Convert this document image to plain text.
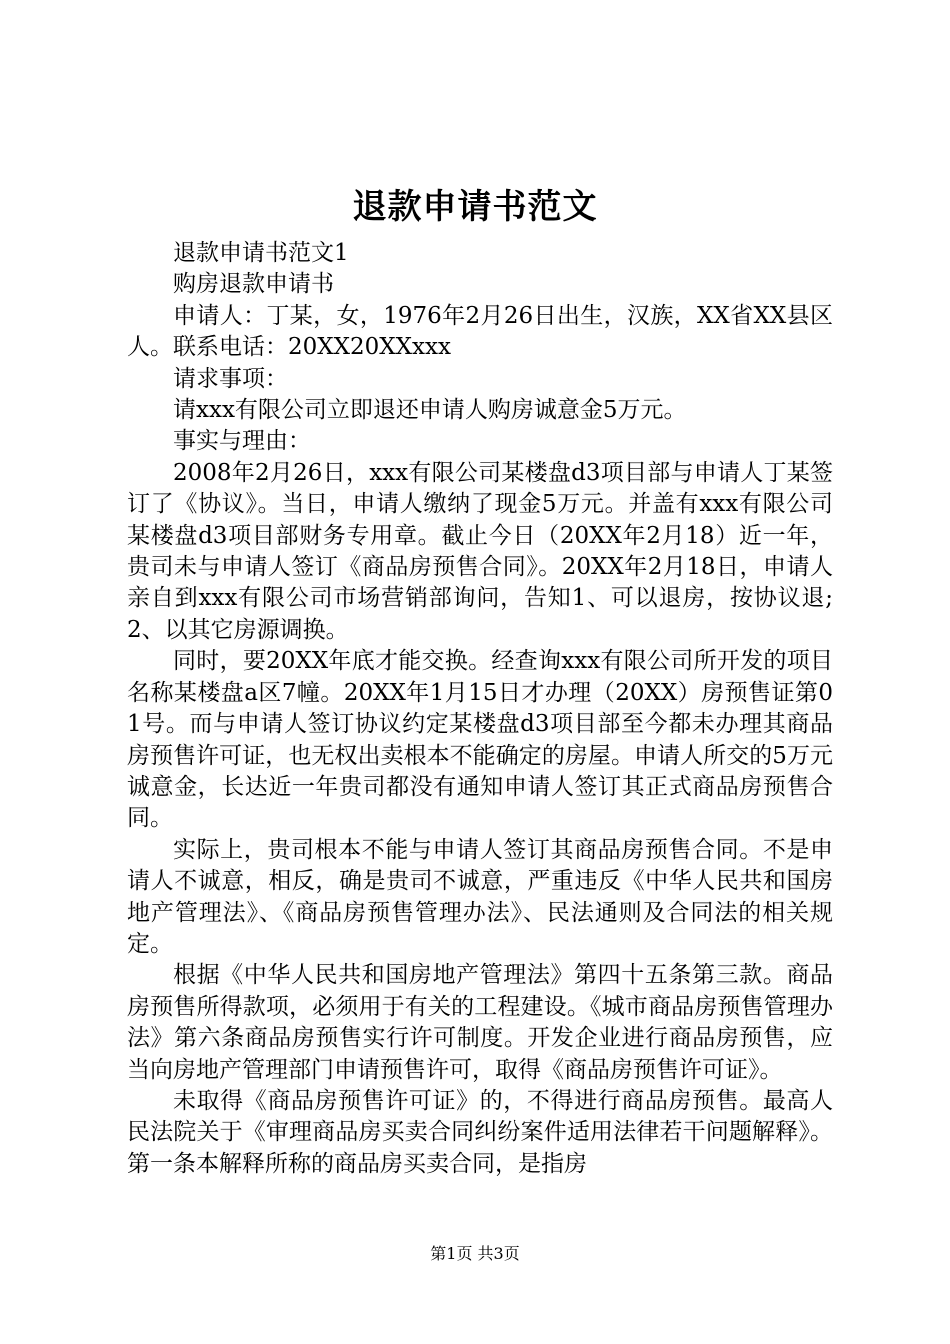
退款申请书范文

退款申请书范文1

购房退款申请书

申请人：丁某，女，1976年2月26日出生，汉族，XX省XX县区人。联系电话：20XX20XXxxx

请求事项：

请xxx有限公司立即退还申请人购房诚意金5万元。

事实与理由：

2008年2月26日，xxx有限公司某楼盘d3项目部与申请人丁某签订了《协议》。当日，申请人缴纳了现金5万元。并盖有xxx有限公司某楼盘d3项目部财务专用章。截止今日（20XX年2月18）近一年，贵司未与申请人签订《商品房预售合同》。20XX年2月18日，申请人亲自到xxx有限公司市场营销部询问，告知1、可以退房，按协议退;2、以其它房源调换。

同时，要20XX年底才能交换。经查询xxx有限公司所开发的项目名称某楼盘a区7幢。20XX年1月15日才办理（20XX）房预售证第01号。而与申请人签订协议约定某楼盘d3项目部至今都未办理其商品房预售许可证，也无权出卖根本不能确定的房屋。申请人所交的5万元诚意金，长达近一年贵司都没有通知申请人签订其正式商品房预售合同。

实际上，贵司根本不能与申请人签订其商品房预售合同。不是申请人不诚意，相反，确是贵司不诚意，严重违反《中华人民共和国房地产管理法》、《商品房预售管理办法》、民法通则及合同法的相关规定。

根据《中华人民共和国房地产管理法》第四十五条第三款。商品房预售所得款项，必须用于有关的工程建设。《城市商品房预售管理办法》第六条商品房预售实行许可制度。开发企业进行商品房预售，应当向房地产管理部门申请预售许可，取得《商品房预售许可证》。

未取得《商品房预售许可证》的，不得进行商品房预售。最高人民法院关于《审理商品房买卖合同纠纷案件适用法律若干问题解释》。第一条本解释所称的商品房买卖合同，是指房

第1页 共3页
